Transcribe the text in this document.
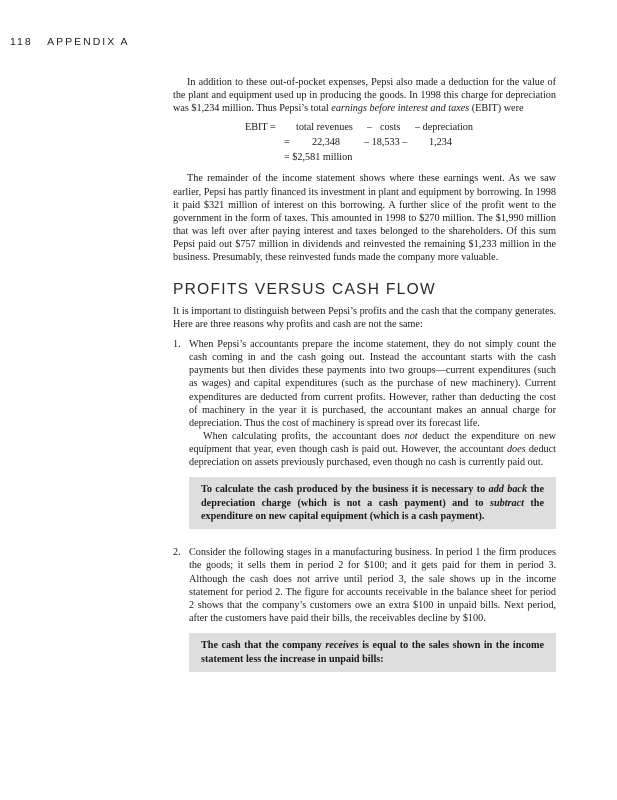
118 APPENDIX A

In addition to these out-of-pocket expenses, Pepsi also made a deduction for the value of the plant and equipment used up in producing the goods. In 1998 this charge for depreciation was $1,234 million. Thus Pepsi’s total earnings before interest and taxes (EBIT) were

EBIT = total revenues – costs – depreciation
= 22,348 – 18,533 – 1,234
= $2,581 million

The remainder of the income statement shows where these earnings went. As we saw earlier, Pepsi has partly financed its investment in plant and equipment by borrowing. In 1998 it paid $321 million of interest on this borrowing. A further slice of the profit went to the government in the form of taxes. This amounted in 1998 to $270 million. The $1,990 million that was left over after paying interest and taxes belonged to the shareholders. Of this sum Pepsi paid out $757 million in dividends and reinvested the remaining $1,233 million in the business. Presumably, these reinvested funds made the company more valuable.

PROFITS VERSUS CASH FLOW

It is important to distinguish between Pepsi’s profits and the cash that the company generates. Here are three reasons why profits and cash are not the same:

1. When Pepsi’s accountants prepare the income statement, they do not simply count the cash coming in and the cash going out. Instead the accountant starts with the cash payments but then divides these payments into two groups—current expenditures (such as wages) and capital expenditures (such as the purchase of new machinery). Current expenditures are deducted from current profits. However, rather than deducting the cost of machinery in the year it is purchased, the accountant makes an annual charge for depreciation. Thus the cost of machinery is spread over its forecast life.

When calculating profits, the accountant does not deduct the expenditure on new equipment that year, even though cash is paid out. However, the accountant does deduct depreciation on assets previously purchased, even though no cash is currently paid out.

To calculate the cash produced by the business it is necessary to add back the depreciation charge (which is not a cash payment) and to subtract the expenditure on new capital equipment (which is a cash payment).

2. Consider the following stages in a manufacturing business. In period 1 the firm produces the goods; it sells them in period 2 for $100; and it gets paid for them in period 3. Although the cash does not arrive until period 3, the sale shows up in the income statement for period 2. The figure for accounts receivable in the balance sheet for period 2 shows that the company’s customers owe an extra $100 in unpaid bills. Next period, after the customers have paid their bills, the receivables decline by $100.

The cash that the company receives is equal to the sales shown in the income statement less the increase in unpaid bills:
